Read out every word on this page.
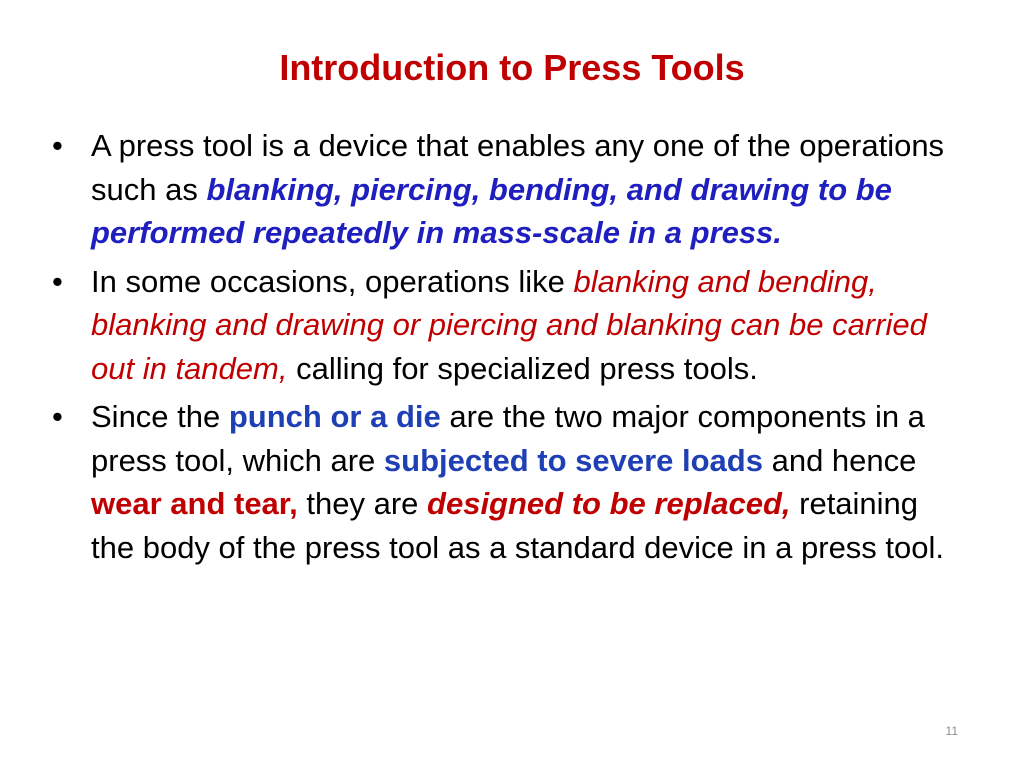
Introduction to Press Tools
• A press tool is a device that enables any one of the operations such as blanking, piercing, bending, and drawing to be performed repeatedly in mass-scale in a press.
• In some occasions, operations like blanking and bending, blanking and drawing or piercing and blanking can be carried out in tandem, calling for specialized press tools.
• Since the punch or a die are the two major components in a press tool, which are subjected to severe loads and hence wear and tear, they are designed to be replaced, retaining the body of the press tool as a standard device in a press tool.
11
